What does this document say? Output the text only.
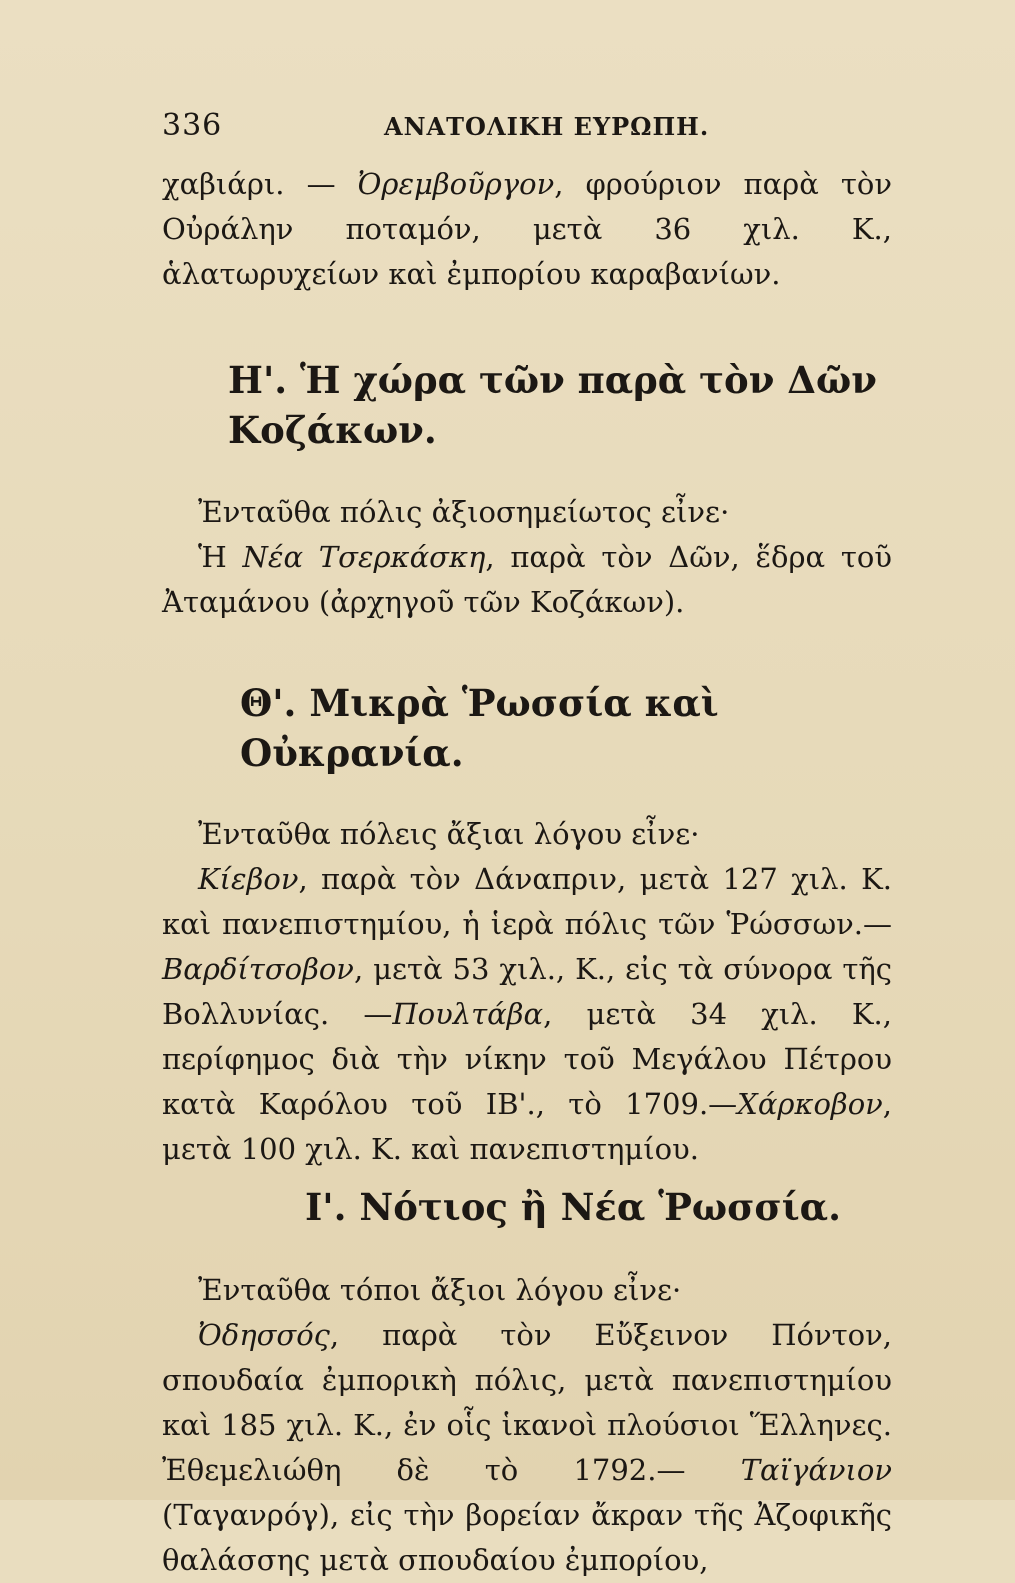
336	ΑΝΑΤΟΛΙΚΗ ΕΥΡΩΠΗ.

χαβιάρι. — Ὀρεμβοῦργον, φρούριον παρὰ τὸν Οὐράλην ποταμόν, μετὰ 36 χιλ. Κ., ἁλατωρυχείων καὶ ἐμπορίου καραβανίων.

Η'. Ἡ χώρα τῶν παρὰ τὸν Δῶν Κοζάκων.

Ἐνταῦθα πόλις ἀξιοσημείωτος εἶνε·

Ἡ Νέα Τσερκάσκη, παρὰ τὸν Δῶν, ἕδρα τοῦ Ἀταμάνου (ἀρχηγοῦ τῶν Κοζάκων).

Θ'. Μικρὰ Ῥωσσία καὶ Οὐκρανία.

Ἐνταῦθα πόλεις ἄξιαι λόγου εἶνε·

Κίεβον, παρὰ τὸν Δάναπριν, μετὰ 127 χιλ. Κ. καὶ πανεπιστημίου, ἡ ἱερὰ πόλις τῶν Ῥώσσων.—Βαρδίτσοβον, μετὰ 53 χιλ., Κ., εἰς τὰ σύνορα τῆς Βολλυνίας. —Πουλτάβα, μετὰ 34 χιλ. Κ., περίφημος διὰ τὴν νίκην τοῦ Μεγάλου Πέτρου κατὰ Καρόλου τοῦ ΙΒ'., τὸ 1709.—Χάρκοβον, μετὰ 100 χιλ. Κ. καὶ πανεπιστημίου.

Ι'. Νότιος ἢ Νέα Ῥωσσία.

Ἐνταῦθα τόποι ἄξιοι λόγου εἶνε·

Ὀδησσός, παρὰ τὸν Εὔξεινον Πόντον, σπουδαία ἐμπορικὴ πόλις, μετὰ πανεπιστημίου καὶ 185 χιλ. Κ., ἐν οἷς ἱκανοὶ πλούσιοι Ἕλληνες. Ἐθεμελιώθη δὲ τὸ 1792.— Ταϊγάνιον (Ταγανρόγ), εἰς τὴν βορείαν ἄκραν τῆς Ἀζοφικῆς θαλάσσης μετὰ σπουδαίου ἐμπορίου,
